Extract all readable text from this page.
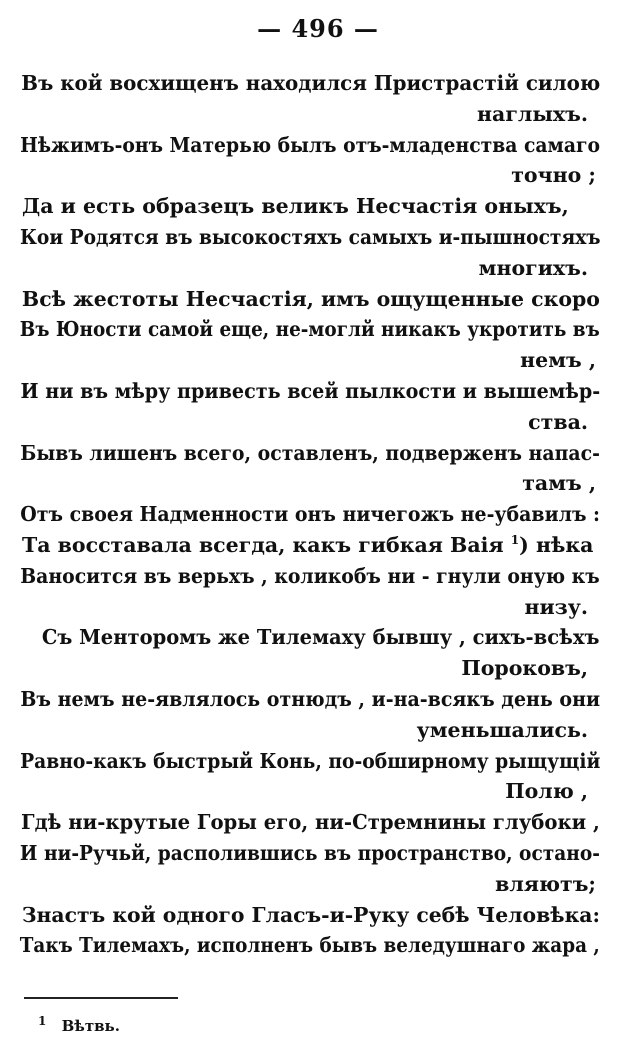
— 496 —
Въ кой восхищенъ находился Пристрастій силою
наглыхъ.
Нѣжимъ-онъ Матерью былъ отъ-младенства самаго
точно ;
Да и есть образецъ великъ Несчастія оныхъ,
Кои Родятся въ высокостяхъ самыхъ и-пышностяхъ
многихъ.
Всѣ жестоты Несчастія, имъ ощущенные скоро
Въ Юности самой еще, не-моглй никакъ укротить въ
немъ ,
И ни въ мѣру привесть всей пылкости и вышемѣр-
ства.
Бывъ лишенъ всего, оставленъ, подверженъ напас-
тамъ ,
Отъ своея Надменности онъ ничегожъ не-убавилъ :
Та восставала всегда, какъ гибкая Ваія $^1$) нѣка
Ваносится въ верьхъ , коликобъ ни - гнули оную къ
низу.
Съ Менторомъ же Тилемаху бывшу , сихъ-всѣхъ
Пороковъ,
Въ немъ не-являлось отнюдъ , и-на-всякъ день они
уменьшались.
Равно-какъ быстрый Конь, по-обширному рыщущій
Полю ,
Гдѣ ни-крутые Горы его, ни-Стремнины глубоки ,
И ни-Ручьй, располившись въ пространство, остано-
вляютъ;
Знастъ кой одного Гласъ-и-Руку себѣ Человѣка:
Такъ Тилемахъ, исполненъ бывъ веледушнаго жара ,
$^1$ Вѣтвь.
